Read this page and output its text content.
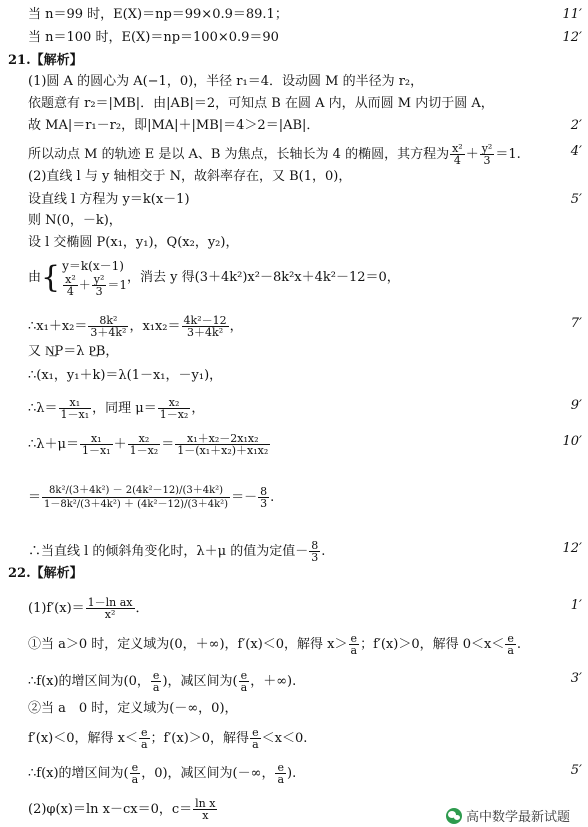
当 n＝99 时，E(X)＝np＝99×0.9＝89.1；	11′
当 n＝100 时，E(X)＝np＝100×0.9＝90	12′
21.【解析】
(1)圆 A 的圆心为 A(−1，0)，半径 r₁＝4．设动圆 M 的半径为 r₂，
依题意有 r₂＝|MB|．由|AB|＝2，可知点 B 在圆 A 内，从而圆 M 内切于圆 A，
故 MA|＝r₁－r₂，即|MA|＋|MB|＝4＞2＝|AB|．	2′
(2)直线 l 与 y 轴相交于 N，故斜率存在，又 B(1，0)，
设直线 l 方程为 y＝k(x－1)	5′
则 N(0，－k)，
设 l 交椭圆 P(x₁，y₁)，Q(x₂，y₂)，
又 N͢P＝λ P͢B，
∴(x₁，y₁＋k)＝λ(1－x₁，－y₁)，
22.【解析】
②当 a　0 时，定义域为(－∞，0)，
所以动点 M 的轨迹 E 是以 A、B 为焦点，长轴长为 4 的椭圆，其方程为 $\frac{\text{x²}}{4} + \frac{\text{y²}}{3} =1$.	4′
由{ y＝k(x－1)
$\frac{\text{x²}}{4} + \frac{\text{y²}}{3} =1$ ，消去 y 得(3＋4k²)x²－8k²x＋4k²－12＝0，
∴x₁＋x₂＝ $\frac{\text{8k²}}{\text{3＋4k²}}$ ，$x_1x_2= \frac{\text{4k²－12}}{\text{3＋4k²}}$ ，	7′
∴λ＝ $\frac{\text{x₁}}{\text{1－x₁}}$ ，同理 $\mu= \frac{\text{x₂}}{\text{1－x₂}}$ ，	9′
∴λ＋μ＝ $\frac{\text{x₁}}{\text{1－x₁}} + \frac{\text{x₂}}{\text{1－x₂}} = \frac{\text{x₁＋x₂－2x₁x₂}}{\text{1－(x₁＋x₂)＋x₁x₂}}$	10′
＝ $\frac{\text{8k²/(3＋4k²) － 2(4k²－12)/(3＋4k²)}}{\text{1－8k²/(3＋4k²) ＋ (4k²－12)/(3＋4k²)}} =- \frac{8}{3}$ .
∴当直线 l 的倾斜角变化时，λ＋μ 的值为定值－ $\frac{8}{3}$ .	12′
$(1)f'(x)= \frac{\text{1－ln ax}}{\text{x²}}$ ．	1′
①当 a＞0 时，定义域为(0，＋∞)，f′(x)＜0，解得 $x> \frac{e}{a}$ ；f′(x)＞0，解得 $0<x< \frac{e}{a}$ .
∴f(x)的增区间为(0， $\frac{e}{a}$ )，减区间为( $\frac{e}{a}$ ，＋∞).	3′
f′(x)＜0，解得 $x< \frac{e}{a}$ ；f′(x)＞0，解得 $\frac{e}{a} <x<0$.
∴f(x)的增区间为( $\frac{e}{a}$ ，0)，减区间为(－∞， $\frac{e}{a}$ ).	5′
(2)φ(x)＝ln x－cx＝0，$c= \frac{\text{ln x}}{x}$	高中数学最新试题
